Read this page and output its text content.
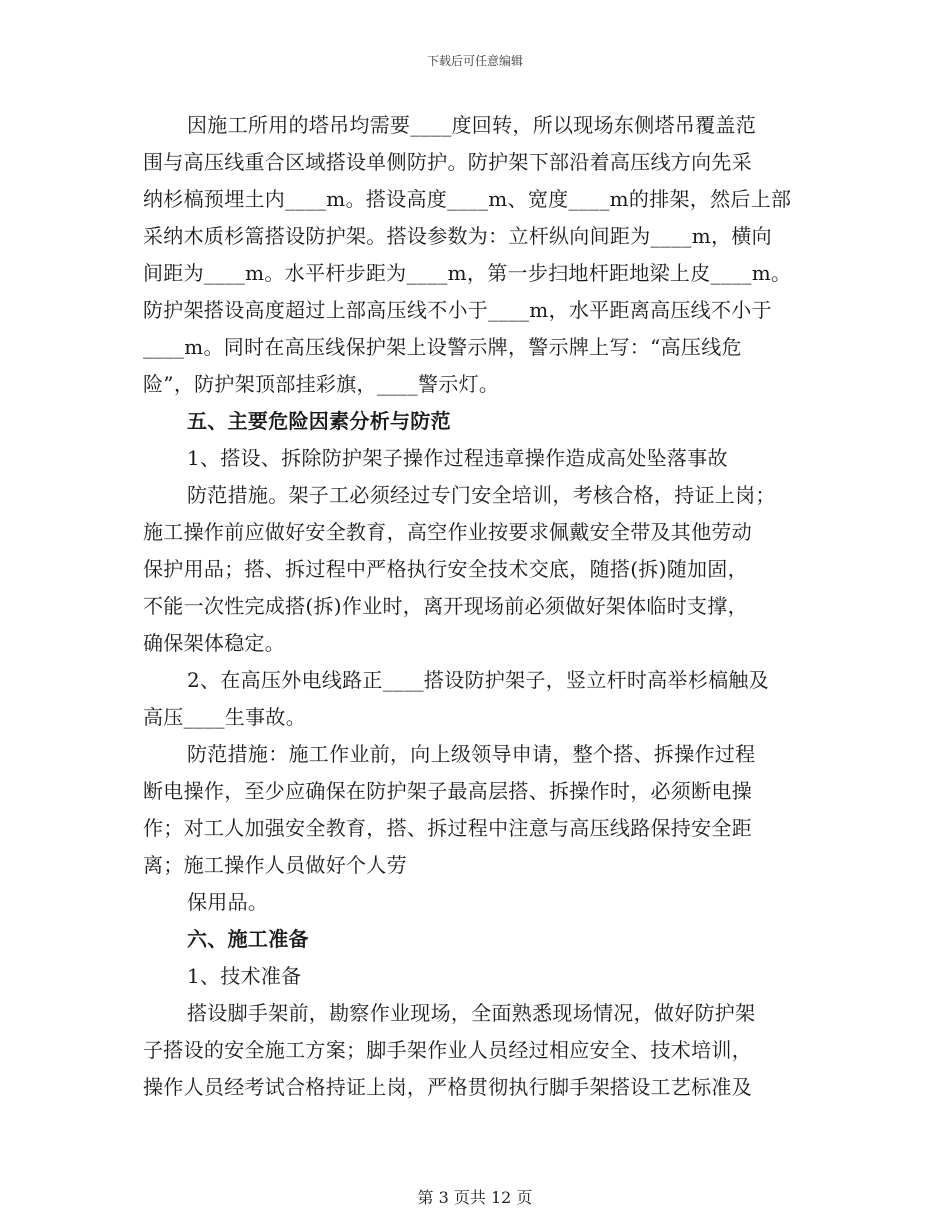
下载后可任意编辑
因施工所用的塔吊均需要____度回转，所以现场东侧塔吊覆盖范
围与高压线重合区域搭设单侧防护。防护架下部沿着高压线方向先采
纳杉槁预埋土内____m。搭设高度____m、宽度____m的排架，然后上部
采纳木质杉篙搭设防护架。搭设参数为：立杆纵向间距为____m，横向
间距为____m。水平杆步距为____m，第一步扫地杆距地梁上皮____m。
防护架搭设高度超过上部高压线不小于____m，水平距离高压线不小于
____m。同时在高压线保护架上设警示牌，警示牌上写：“高压线危
险”，防护架顶部挂彩旗，____警示灯。
五、主要危险因素分析与防范
1、搭设、拆除防护架子操作过程违章操作造成高处坠落事故
防范措施。架子工必须经过专门安全培训，考核合格，持证上岗；
施工操作前应做好安全教育，高空作业按要求佩戴安全带及其他劳动
保护用品；搭、拆过程中严格执行安全技术交底，随搭(拆)随加固，
不能一次性完成搭(拆)作业时，离开现场前必须做好架体临时支撑，
确保架体稳定。
2、在高压外电线路正____搭设防护架子，竖立杆时高举杉槁触及
高压____生事故。
防范措施：施工作业前，向上级领导申请，整个搭、拆操作过程
断电操作，至少应确保在防护架子最高层搭、拆操作时，必须断电操
作；对工人加强安全教育，搭、拆过程中注意与高压线路保持安全距
离；施工操作人员做好个人劳
保用品。
六、施工准备
1、技术准备
搭设脚手架前，勘察作业现场，全面熟悉现场情况，做好防护架
子搭设的安全施工方案；脚手架作业人员经过相应安全、技术培训，
操作人员经考试合格持证上岗，严格贯彻执行脚手架搭设工艺标准及
第 3 页共 12 页
